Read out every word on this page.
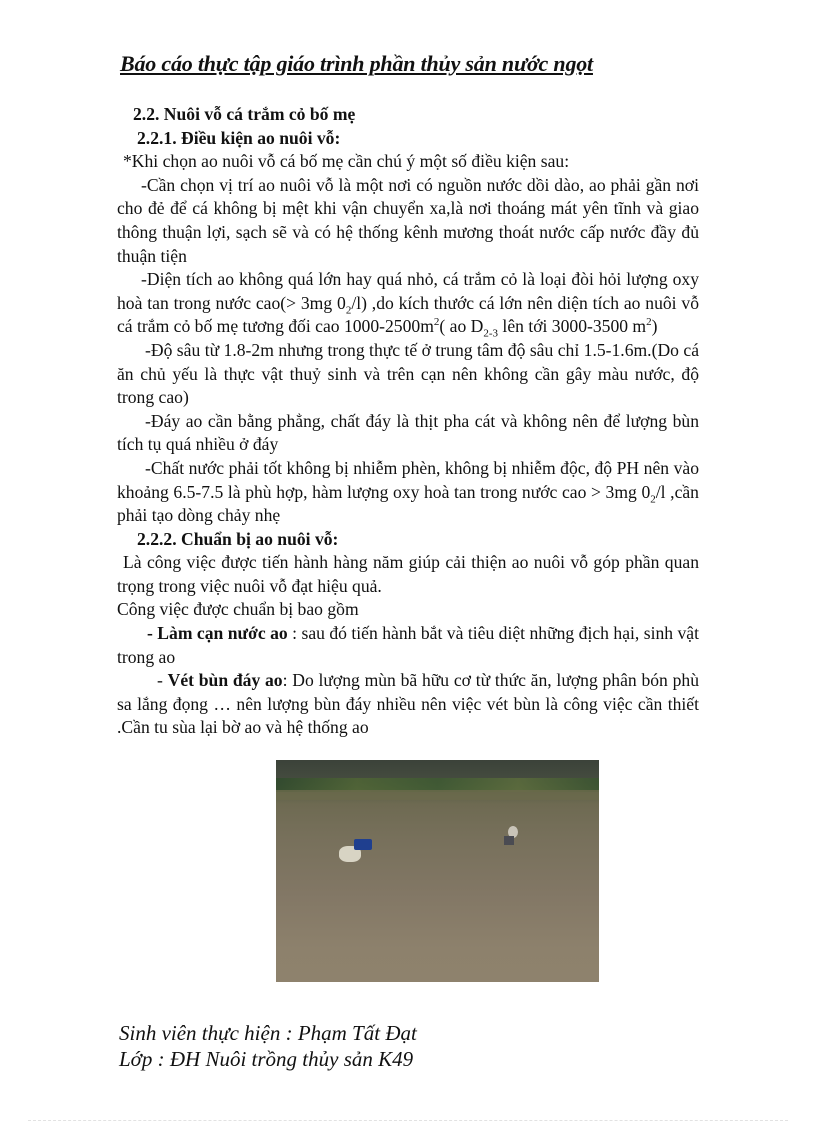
Báo cáo thực tập giáo trình phần thủy sản nước ngọt

2.2. Nuôi vỗ cá trắm cỏ bố mẹ

2.2.1. Điều kiện ao nuôi vỗ:

*Khi chọn ao nuôi vỗ cá bố mẹ cần chú ý một số điều kiện sau:

-Cần chọn vị trí ao nuôi vỗ là một nơi có nguồn nước dồi dào, ao phải gần nơi cho đẻ để cá không bị mệt khi vận chuyển xa,là nơi thoáng mát yên tĩnh và giao thông thuận lợi, sạch sẽ và có hệ thống kênh mương thoát nước cấp nước đầy đủ thuận tiện

-Diện tích ao không quá lớn hay quá nhỏ, cá trắm cỏ là loại đòi hỏi lượng oxy hoà tan trong nước cao(> 3mg $0_2/l$) ,do kích thước cá lớn nên diện tích ao nuôi vỗ cá trắm cỏ bố mẹ tương đối cao $1000-2500m^2$( ao $D_{2-3}$ lên tới 3000-3500 $m^2$)

-Độ sâu từ 1.8-2m nhưng trong thực tế ở trung tâm độ sâu chỉ 1.5-1.6m.(Do cá ăn chủ yếu là thực vật thuỷ sinh và trên cạn nên không cần gây màu nước, độ trong cao)

-Đáy ao cần bằng phẳng, chất đáy là thịt pha cát và không nên để lượng bùn tích tụ quá nhiều ở đáy

-Chất nước phải tốt không bị nhiễm phèn, không bị nhiễm độc, độ PH nên vào khoảng 6.5-7.5 là phù hợp, hàm lượng oxy hoà tan trong nước cao > 3mg $0_2/l$ ,cần phải tạo dòng chảy nhẹ

2.2.2. Chuẩn bị ao nuôi vỗ:

Là công việc được tiến hành hàng năm giúp cải thiện ao nuôi vỗ góp phần quan trọng trong việc nuôi vỗ đạt hiệu quả.

Công việc được chuẩn bị bao gồm

- Làm cạn nước ao : sau đó tiến hành bắt và tiêu diệt những địch hại, sinh vật trong ao

- Vét bùn đáy ao: Do lượng mùn bã hữu cơ từ thức ăn, lượng phân bón phù sa lắng đọng … nên lượng bùn đáy nhiều nên việc vét bùn là công việc cần thiết .Cần tu sùa lại bờ ao và hệ thống ao

Sinh viên thực hiện : Phạm Tất Đạt

Lớp : ĐH Nuôi trồng thủy sản K49
